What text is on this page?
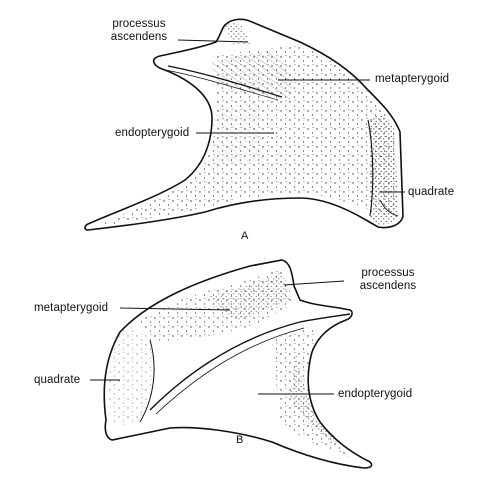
processus
ascendens
metapterygoid
endopterygoid
quadrate
A
processus
ascendens
metapterygoid
quadrate
endopterygoid
B
